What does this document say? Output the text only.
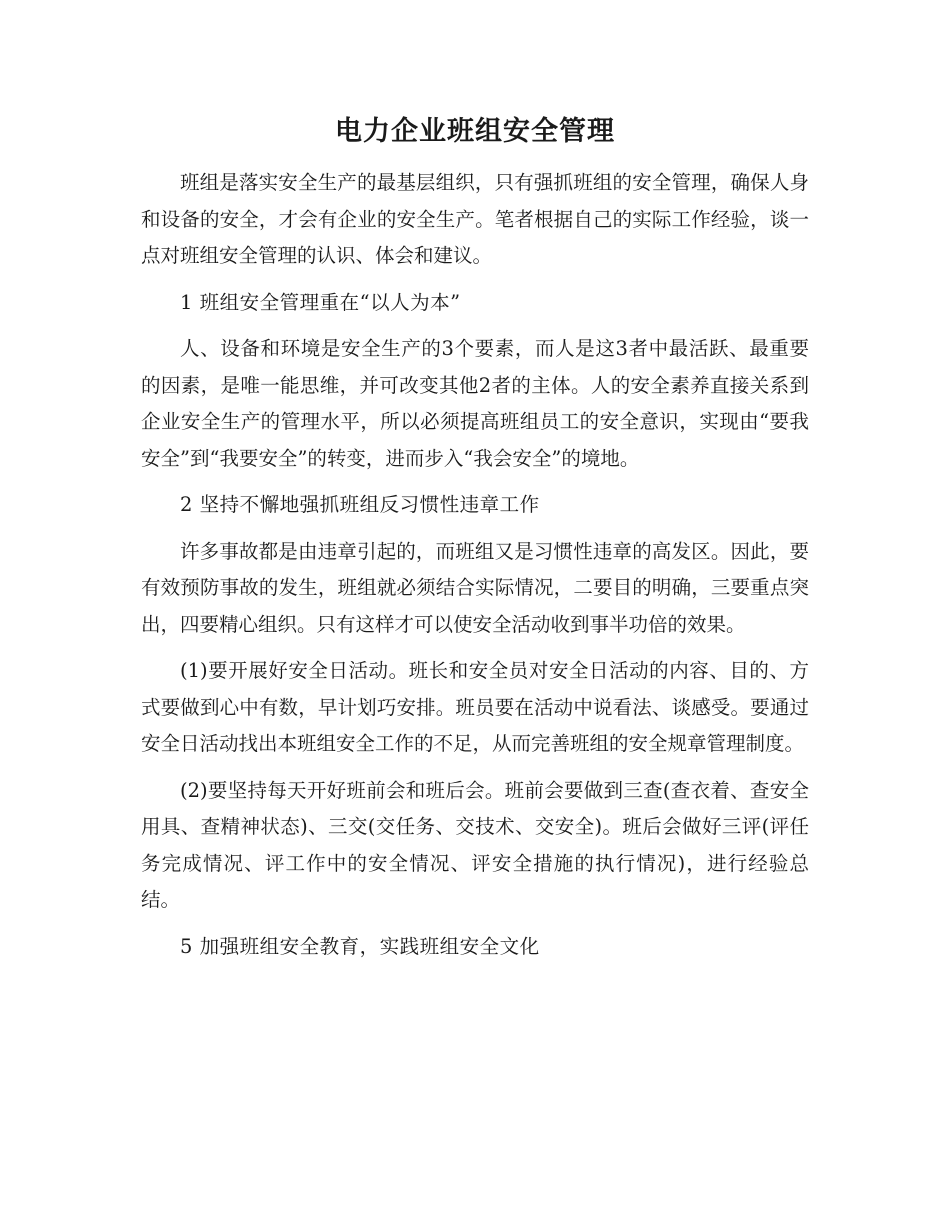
电力企业班组安全管理

班组是落实安全生产的最基层组织，只有强抓班组的安全管理，确保人身和设备的安全，才会有企业的安全生产。笔者根据自己的实际工作经验，谈一点对班组安全管理的认识、体会和建议。

1 班组安全管理重在“以人为本”

人、设备和环境是安全生产的3个要素，而人是这3者中最活跃、最重要的因素，是唯一能思维，并可改变其他2者的主体。人的安全素养直接关系到企业安全生产的管理水平，所以必须提高班组员工的安全意识，实现由“要我安全”到“我要安全”的转变，进而步入“我会安全”的境地。

2 坚持不懈地强抓班组反习惯性违章工作

许多事故都是由违章引起的，而班组又是习惯性违章的高发区。因此，要有效预防事故的发生，班组就必须结合实际情况，二要目的明确，三要重点突出，四要精心组织。只有这样才可以使安全活动收到事半功倍的效果。

(1)要开展好安全日活动。班长和安全员对安全日活动的内容、目的、方式要做到心中有数，早计划巧安排。班员要在活动中说看法、谈感受。要通过安全日活动找出本班组安全工作的不足，从而完善班组的安全规章管理制度。

(2)要坚持每天开好班前会和班后会。班前会要做到三查(查衣着、查安全用具、查精神状态)、三交(交任务、交技术、交安全)。班后会做好三评(评任务完成情况、评工作中的安全情况、评安全措施的执行情况)，进行经验总结。

5 加强班组安全教育，实践班组安全文化
